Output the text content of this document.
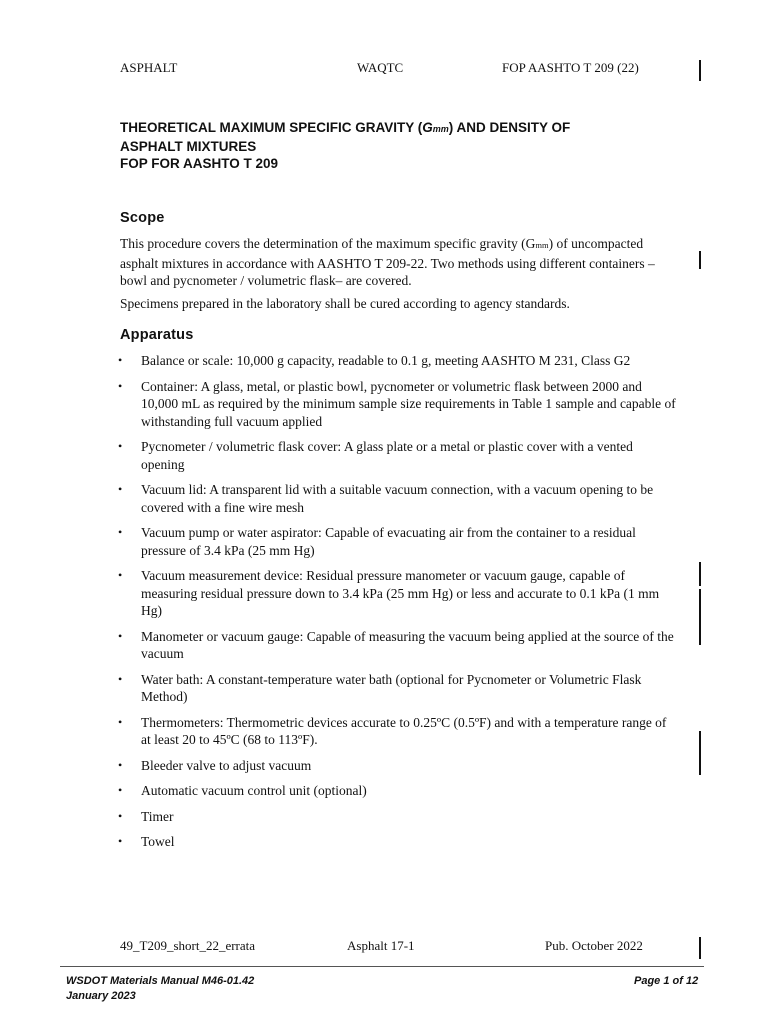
ASPHALT	WAQTC	FOP AASHTO T 209 (22)
THEORETICAL MAXIMUM SPECIFIC GRAVITY (Gmm) AND DENSITY OF
ASPHALT MIXTURES
FOP FOR AASHTO T 209
Scope
This procedure covers the determination of the maximum specific gravity (Gmm) of uncompacted asphalt mixtures in accordance with AASHTO T 209-22. Two methods using different containers – bowl and pycnometer / volumetric flask– are covered.
Specimens prepared in the laboratory shall be cured according to agency standards.
Apparatus
• Balance or scale: 10,000 g capacity, readable to 0.1 g, meeting AASHTO M 231, Class G2
• Container: A glass, metal, or plastic bowl, pycnometer or volumetric flask between 2000 and 10,000 mL as required by the minimum sample size requirements in Table 1 sample and capable of withstanding full vacuum applied
• Pycnometer / volumetric flask cover: A glass plate or a metal or plastic cover with a vented opening
• Vacuum lid: A transparent lid with a suitable vacuum connection, with a vacuum opening to be covered with a fine wire mesh
• Vacuum pump or water aspirator: Capable of evacuating air from the container to a residual pressure of 3.4 kPa (25 mm Hg)
• Vacuum measurement device: Residual pressure manometer or vacuum gauge, capable of measuring residual pressure down to 3.4 kPa (25 mm Hg) or less and accurate to 0.1 kPa (1 mm Hg)
• Manometer or vacuum gauge: Capable of measuring the vacuum being applied at the source of the vacuum
• Water bath: A constant-temperature water bath (optional for Pycnometer or Volumetric Flask Method)
• Thermometers: Thermometric devices accurate to 0.25ºC (0.5ºF) and with a temperature range of at least 20 to 45ºC (68 to 113ºF).
• Bleeder valve to adjust vacuum
• Automatic vacuum control unit (optional)
• Timer
• Towel
49_T209_short_22_errata	Asphalt 17-1	Pub. October 2022
WSDOT Materials Manual M46-01.42
January 2023
Page 1 of 12
